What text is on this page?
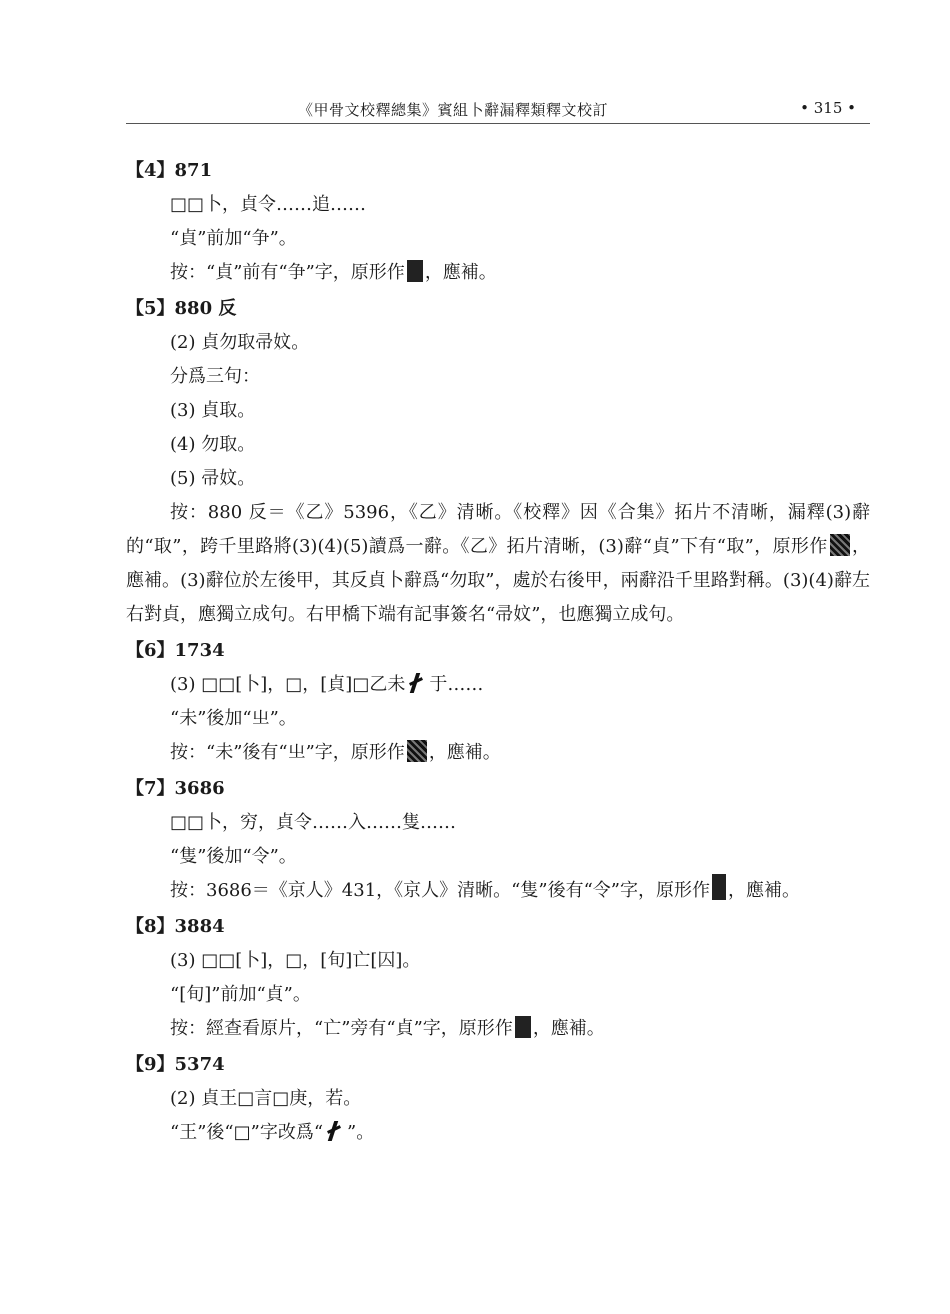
《甲骨文校釋總集》賓組卜辭漏釋類釋文校訂	• 315 •
【4】871
□□卜，貞令……追……
“貞”前加“争”。
按：“貞”前有“争”字，原形作 ，應補。
【5】880 反
(2) 貞勿取帚妏。
分爲三句：
(3) 貞取。
(4) 勿取。
(5) 帚妏。
按：880 反＝《乙》5396，《乙》清晰。《校釋》因《合集》拓片不清晰，漏釋(3)辭的“取”，跨千里路將(3)(4)(5)讀爲一辭。《乙》拓片清晰，(3)辭“貞”下有“取”，原形作 ，應補。(3)辭位於左後甲，其反貞卜辭爲“勿取”，處於右後甲，兩辭沿千里路對稱。(3)(4)辭左右對貞，應獨立成句。右甲橋下端有記事簽名“帚妏”，也應獨立成句。
【6】1734
(3) □□[卜]，□，[貞]□乙未 于……
“未”後加“㞢”。
按：“未”後有“㞢”字，原形作 ，應補。
【7】3686
□□卜，穷，貞令……入……隻……
“隻”後加“令”。
按：3686＝《京人》431，《京人》清晰。“隻”後有“令”字，原形作 ，應補。
【8】3884
(3) □□[卜]，□，[旬]亡[囚]。
“[旬]”前加“貞”。
按：經查看原片，“亡”旁有“貞”字，原形作 ，應補。
【9】5374
(2) 貞王□言□庚，若。
“王”後“□”字改爲“ ”。
